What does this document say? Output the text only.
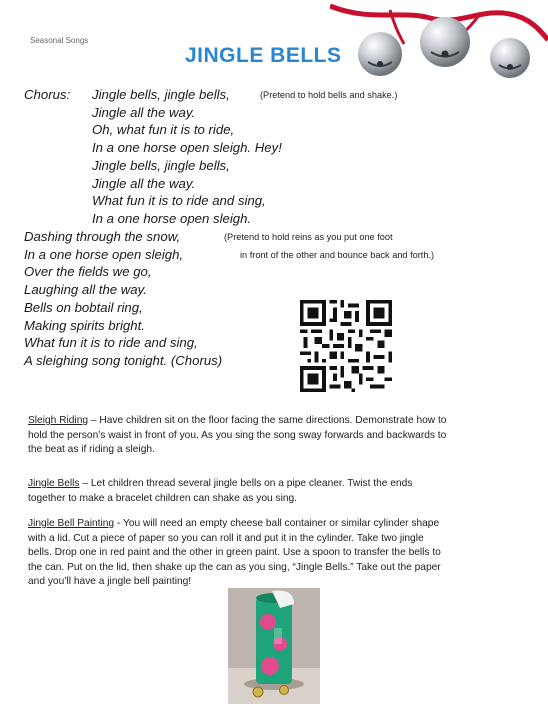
Seasonal Songs
JINGLE BELLS
Chorus: Jingle bells, jingle bells,	(Pretend to hold bells and shake.)
Jingle all the way.
Oh, what fun it is to ride,
In a one horse open sleigh. Hey!
Jingle bells, jingle bells,
Jingle all the way.
What fun it is to ride and sing,
In a one horse open sleigh.
Dashing through the snow,	(Pretend to hold reins as you put one foot
In a one horse open sleigh,	in front of the other and bounce back and forth.)
Over the fields we go,
Laughing all the way.
Bells on bobtail ring,
Making spirits bright.
What fun it is to ride and sing,
A sleighing song tonight. (Chorus)
Sleigh Riding – Have children sit on the floor facing the same directions. Demonstrate how to
hold the person’s waist in front of you. As you sing the song sway forwards and backwards to
the beat as if riding a sleigh.
Jingle Bells – Let children thread several jingle bells on a pipe cleaner. Twist the ends
together to make a bracelet children can shake as you sing.
Jingle Bell Painting - You will need an empty cheese ball container or similar cylinder shape
with a lid. Cut a piece of paper so you can roll it and put it in the cylinder. Take two jingle
bells. Drop one in red paint and the other in green paint. Use a spoon to transfer the bells to
the can. Put on the lid, then shake up the can as you sing, “Jingle Bells.” Take out the paper
and you’ll have a jingle bell painting!
